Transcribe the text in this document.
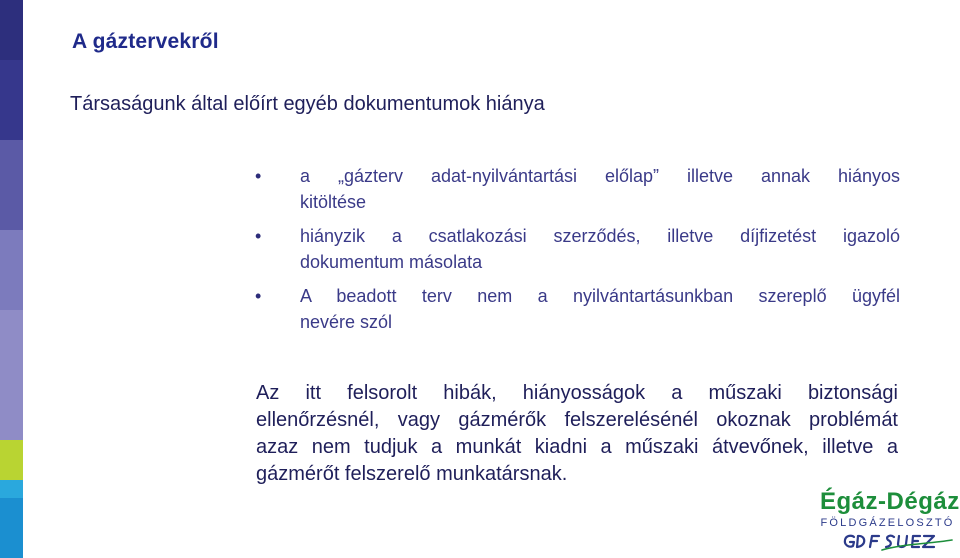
A gáztervekről
Társaságunk által előírt egyéb dokumentumok hiánya
• a „gázterv adat-nyilvántartási előlap” illetve annak hiányos
kitöltése
• hiányzik a csatlakozási szerződés, illetve díjfizetést igazoló
dokumentum másolata
• A beadott terv nem a nyilvántartásunkban szereplő ügyfél
nevére szól
Az itt felsorolt hibák, hiányosságok a műszaki biztonsági
ellenőrzésnél, vagy gázmérők felszerelésénél okoznak problémát
azaz nem tudjuk a munkát kiadni a műszaki átvevőnek, illetve a
gázmérőt felszerelő munkatársnak.
Égáz-Dégáz
FÖLDGÁZELOSZTÓ
